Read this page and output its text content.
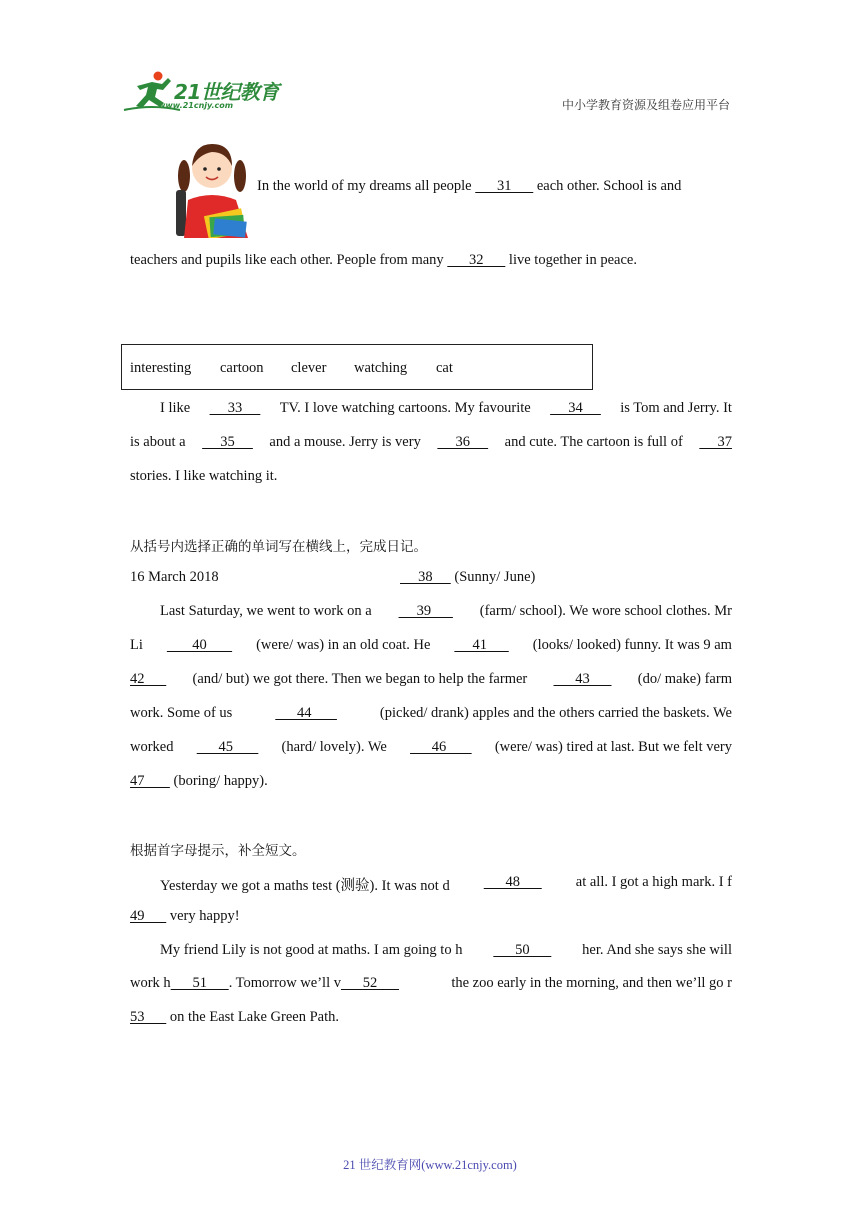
21世纪教育
www.21cnjy.com	中小学教育资源及组卷应用平台
In the world of my dreams all people       31       each other. School is and
teachers and pupils like each other. People from many       32       live together in peace.
interesting cartoon clever watching cat
I like 33 TV. I love watching cartoons. My favourite 34 is Tom and Jerry. It
is about a 35 and a mouse. Jerry is very 36 and cute. The cartoon is full of 37
stories. I like watching it.
从括号内选择正确的单词写在横线上，完成日记。
16 March 2018	38      (Sunny/ June)
Last Saturday, we went to work on a 39 (farm/ school). We wore school clothes. Mr
Li 40 (were/ was) in an old coat. He 41 (looks/ looked) funny. It was 9 am
42 (and/ but) we got there. Then we began to help the farmer 43 (do/ make) farm
work. Some of us	44	(picked/ drank) apples and the others carried the baskets. We
worked 45 (hard/ lovely). We 46 (were/ was) tired at last. But we felt very
47        (boring/ happy).
根据首字母提示，补全短文。
Yesterday we got a maths test (测验). It was not d 48 at all. I got a high mark. I f
49       very happy!
My friend Lily is not good at maths. I am going to h 50 her. And she says she will
work h      51      . Tomorrow we’ll v      52	the zoo early in the morning, and then we’ll go r
53       on the East Lake Green Path.
21 世纪教育网(www.21cnjy.com)
